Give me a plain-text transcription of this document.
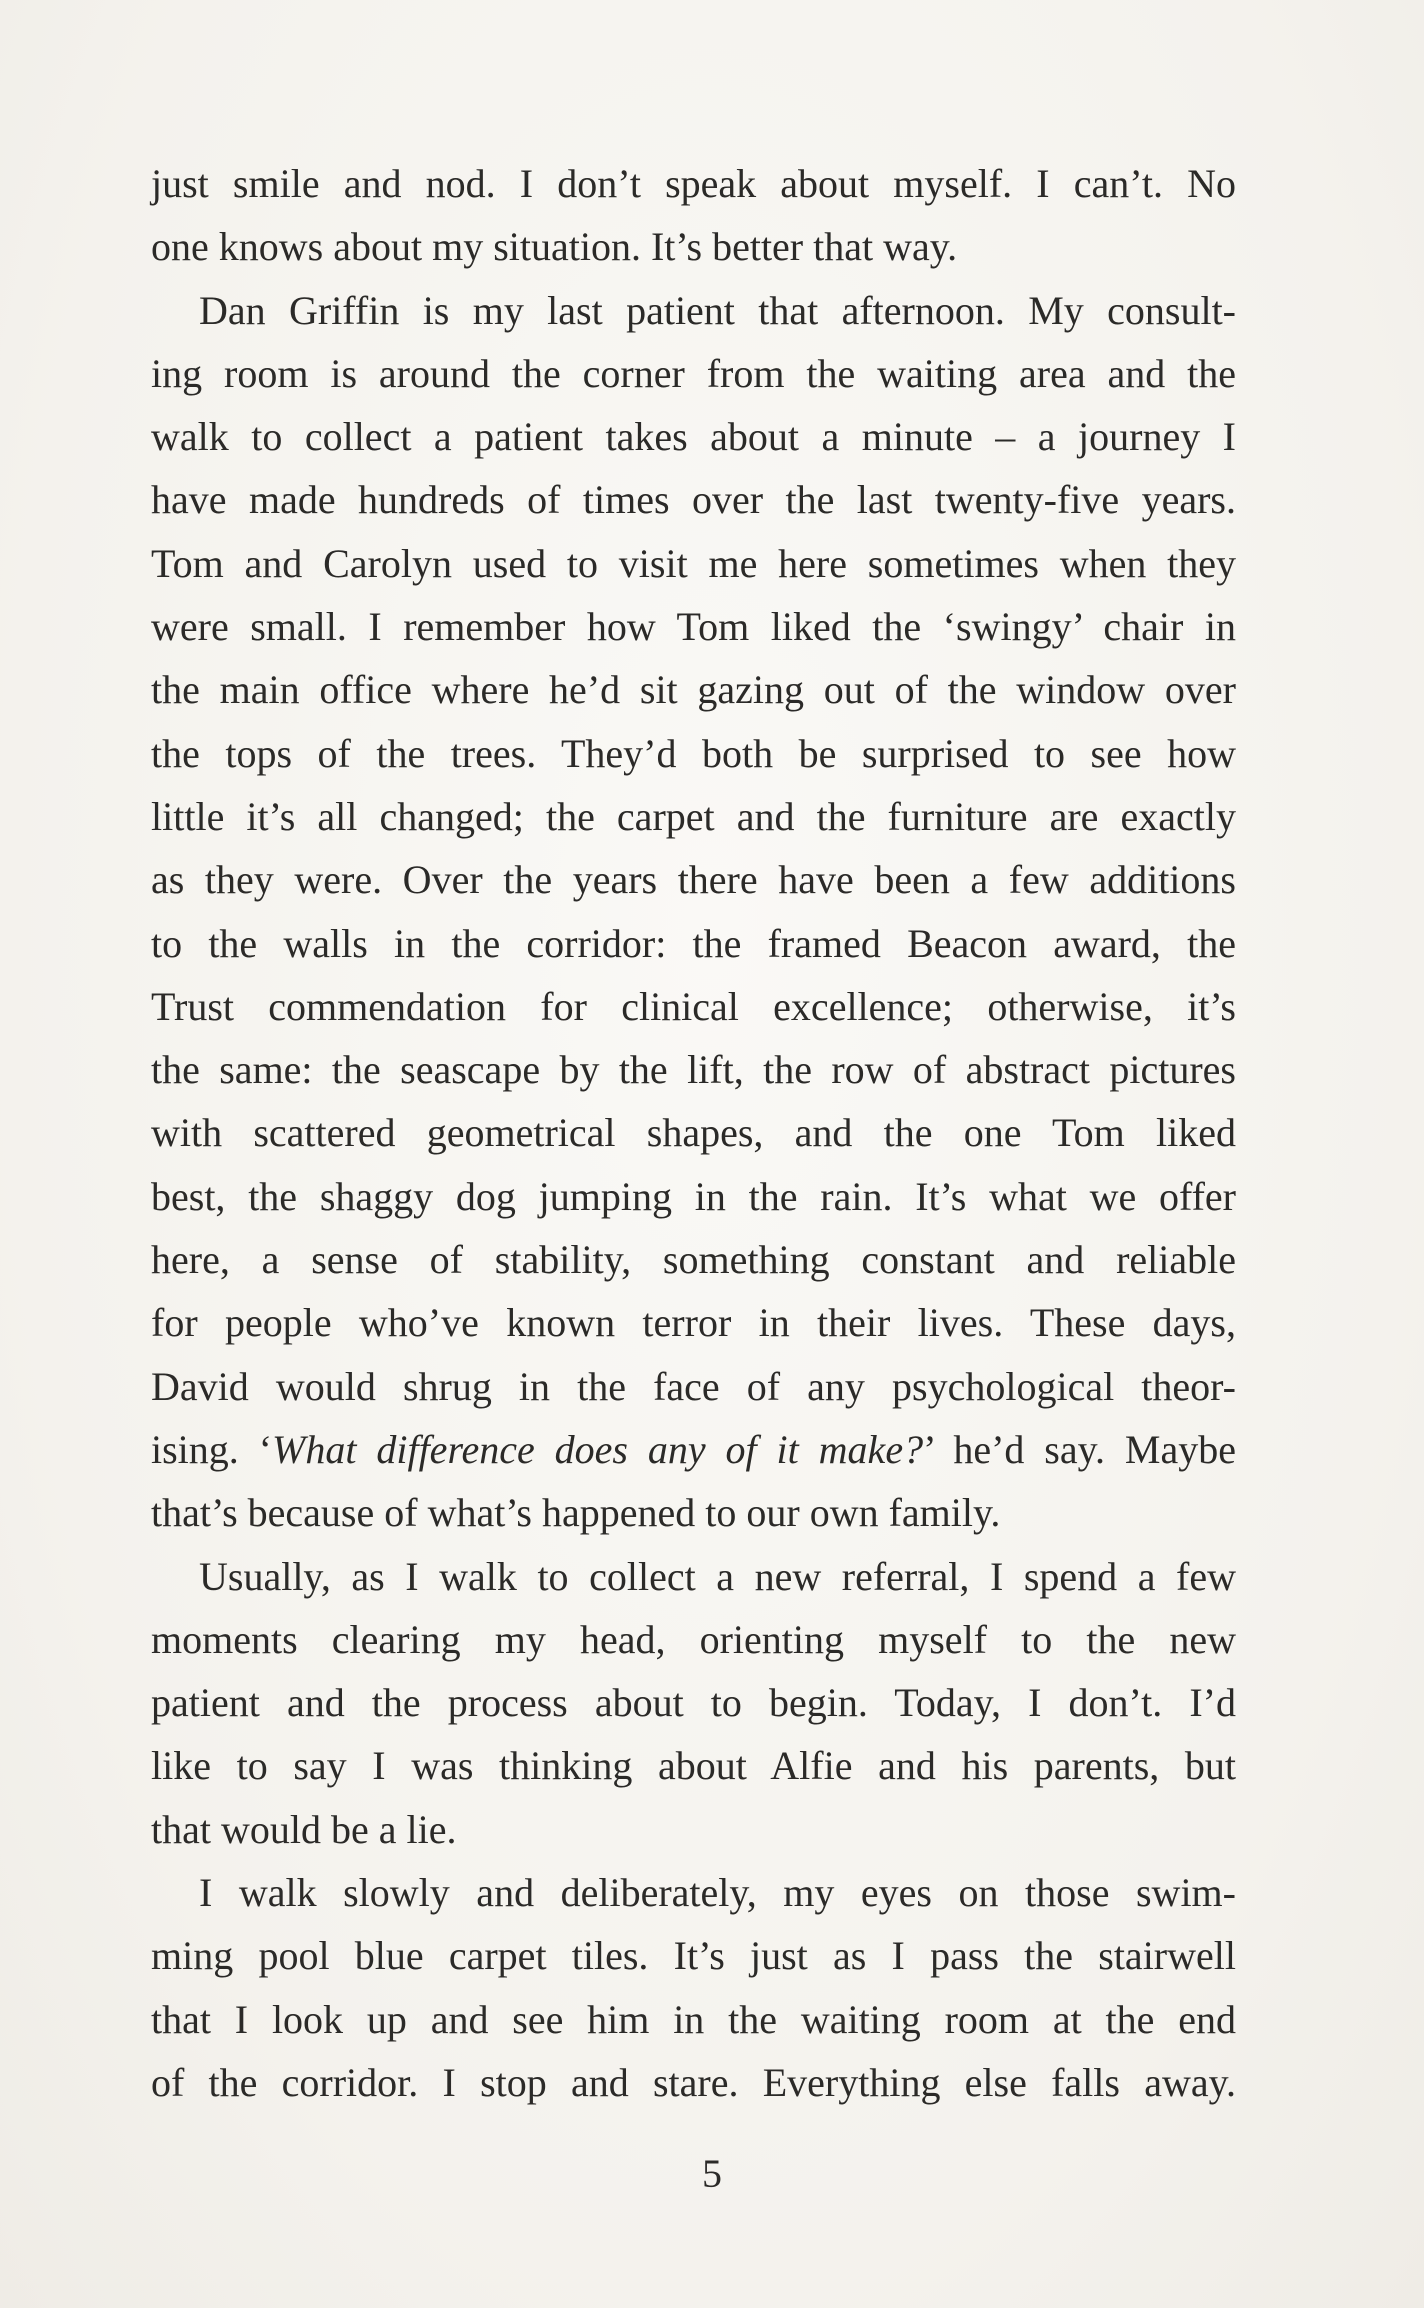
just smile and nod. I don’t speak about myself. I can’t. No
one knows about my situation. It’s better that way.
Dan Griffin is my last patient that afternoon. My consult-
ing room is around the corner from the waiting area and the
walk to collect a patient takes about a minute – a journey I
have made hundreds of times over the last twenty-five years.
Tom and Carolyn used to visit me here sometimes when they
were small. I remember how Tom liked the ‘swingy’ chair in
the main office where he’d sit gazing out of the window over
the tops of the trees. They’d both be surprised to see how
little it’s all changed; the carpet and the furniture are exactly
as they were. Over the years there have been a few additions
to the walls in the corridor: the framed Beacon award, the
Trust commendation for clinical excellence; otherwise, it’s
the same: the seascape by the lift, the row of abstract pictures
with scattered geometrical shapes, and the one Tom liked
best, the shaggy dog jumping in the rain. It’s what we offer
here, a sense of stability, something constant and reliable
for people who’ve known terror in their lives. These days,
David would shrug in the face of any psychological theor-
ising. ‘What difference does any of it make?’ he’d say. Maybe
that’s because of what’s happened to our own family.
Usually, as I walk to collect a new referral, I spend a few
moments clearing my head, orienting myself to the new
patient and the process about to begin. Today, I don’t. I’d
like to say I was thinking about Alfie and his parents, but
that would be a lie.
I walk slowly and deliberately, my eyes on those swim-
ming pool blue carpet tiles. It’s just as I pass the stairwell
that I look up and see him in the waiting room at the end
of the corridor. I stop and stare. Everything else falls away.
5
